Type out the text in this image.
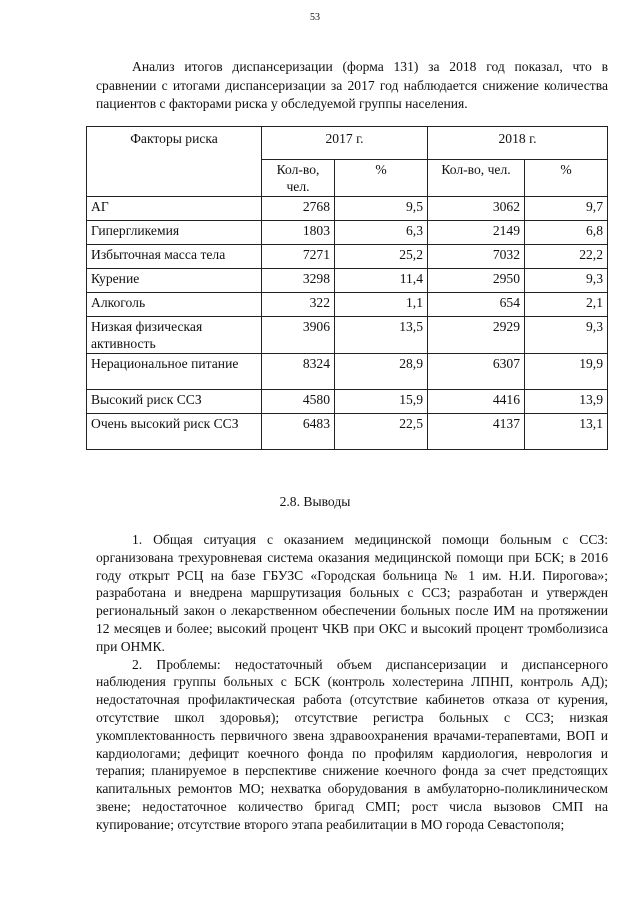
53

Анализ итогов диспансеризации (форма 131) за 2018 год показал, что в сравнении с итогами диспансеризации за 2017 год наблюдается снижение количества пациентов с факторами риска у обследуемой группы населения.

Факторы риска	2017 г.		2018 г.	
	Кол-во, чел.	%	Кол-во, чел.	%
АГ	2768	9,5	3062	9,7
Гипергликемия	1803	6,3	2149	6,8
Избыточная масса тела	7271	25,2	7032	22,2
Курение	3298	11,4	2950	9,3
Алкоголь	322	1,1	654	2,1
Низкая физическая активность	3906	13,5	2929	9,3
Нерациональное питание	8324	28,9	6307	19,9
Высокий риск ССЗ	4580	15,9	4416	13,9
Очень высокий риск ССЗ	6483	22,5	4137	13,1
2.8. Выводы

1. Общая ситуация с оказанием медицинской помощи больным с ССЗ: организована трехуровневая система оказания медицинской помощи при БСК; в 2016 году открыт РСЦ на базе ГБУЗС «Городская больница № 1 им. Н.И. Пирогова»; разработана и внедрена маршрутизация больных с ССЗ; разработан и утвержден региональный закон о лекарственном обеспечении больных после ИМ на протяжении 12 месяцев и более; высокий процент ЧКВ при ОКС и высокий процент тромболизиса при ОНМК.

2. Проблемы: недостаточный объем диспансеризации и диспансерного наблюдения группы больных с БСК (контроль холестерина ЛПНП, контроль АД); недостаточная профилактическая работа (отсутствие кабинетов отказа от курения, отсутствие школ здоровья); отсутствие регистра больных с ССЗ; низкая укомплектованность первичного звена здравоохранения врачами-терапевтами, ВОП и кардиологами; дефицит коечного фонда по профилям кардиология, неврология и терапия; планируемое в перспективе снижение коечного фонда за счет предстоящих капитальных ремонтов МО; нехватка оборудования в амбулаторно-поликлиническом звене; недостаточное количество бригад СМП; рост числа вызовов СМП на купирование; отсутствие второго этапа реабилитации в МО города Севастополя;
